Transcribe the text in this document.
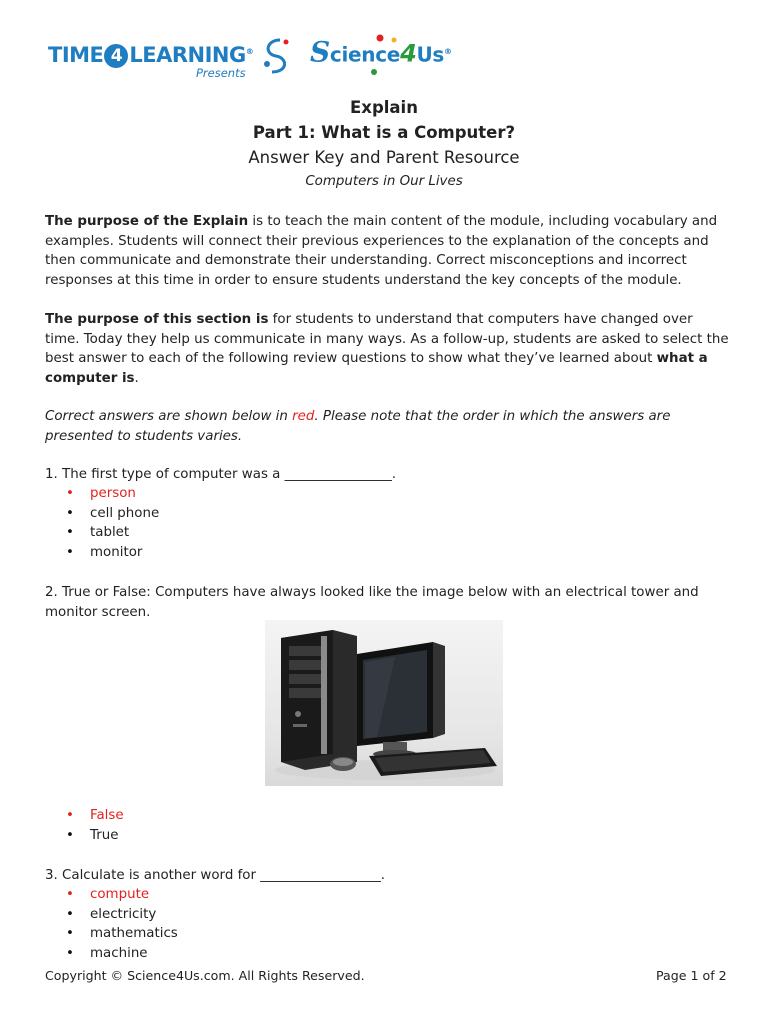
TIME 4 LEARNING®
Presents
Science4Us®
Explain
Part 1: What is a Computer?
Answer Key and Parent Resource
Computers in Our Lives
The purpose of the Explain is to teach the main content of the module, including vocabulary and examples. Students will connect their previous experiences to the explanation of the concepts and then communicate and demonstrate their understanding. Correct misconceptions and incorrect responses at this time in order to ensure students understand the key concepts of the module.
The purpose of this section is for students to understand that computers have changed over time. Today they help us communicate in many ways. As a follow-up, students are asked to select the best answer to each of the following review questions to show what they’ve learned about what a computer is.
Correct answers are shown below in red. Please note that the order in which the answers are presented to students varies.
1. The first type of computer was a ________________.
• person
• cell phone
• tablet
• monitor
2. True or False: Computers have always looked like the image below with an electrical tower and monitor screen.
• False
• True
3. Calculate is another word for __________________.
• compute
• electricity
• mathematics
• machine
Copyright © Science4Us.com. All Rights Reserved.	Page 1 of 2
